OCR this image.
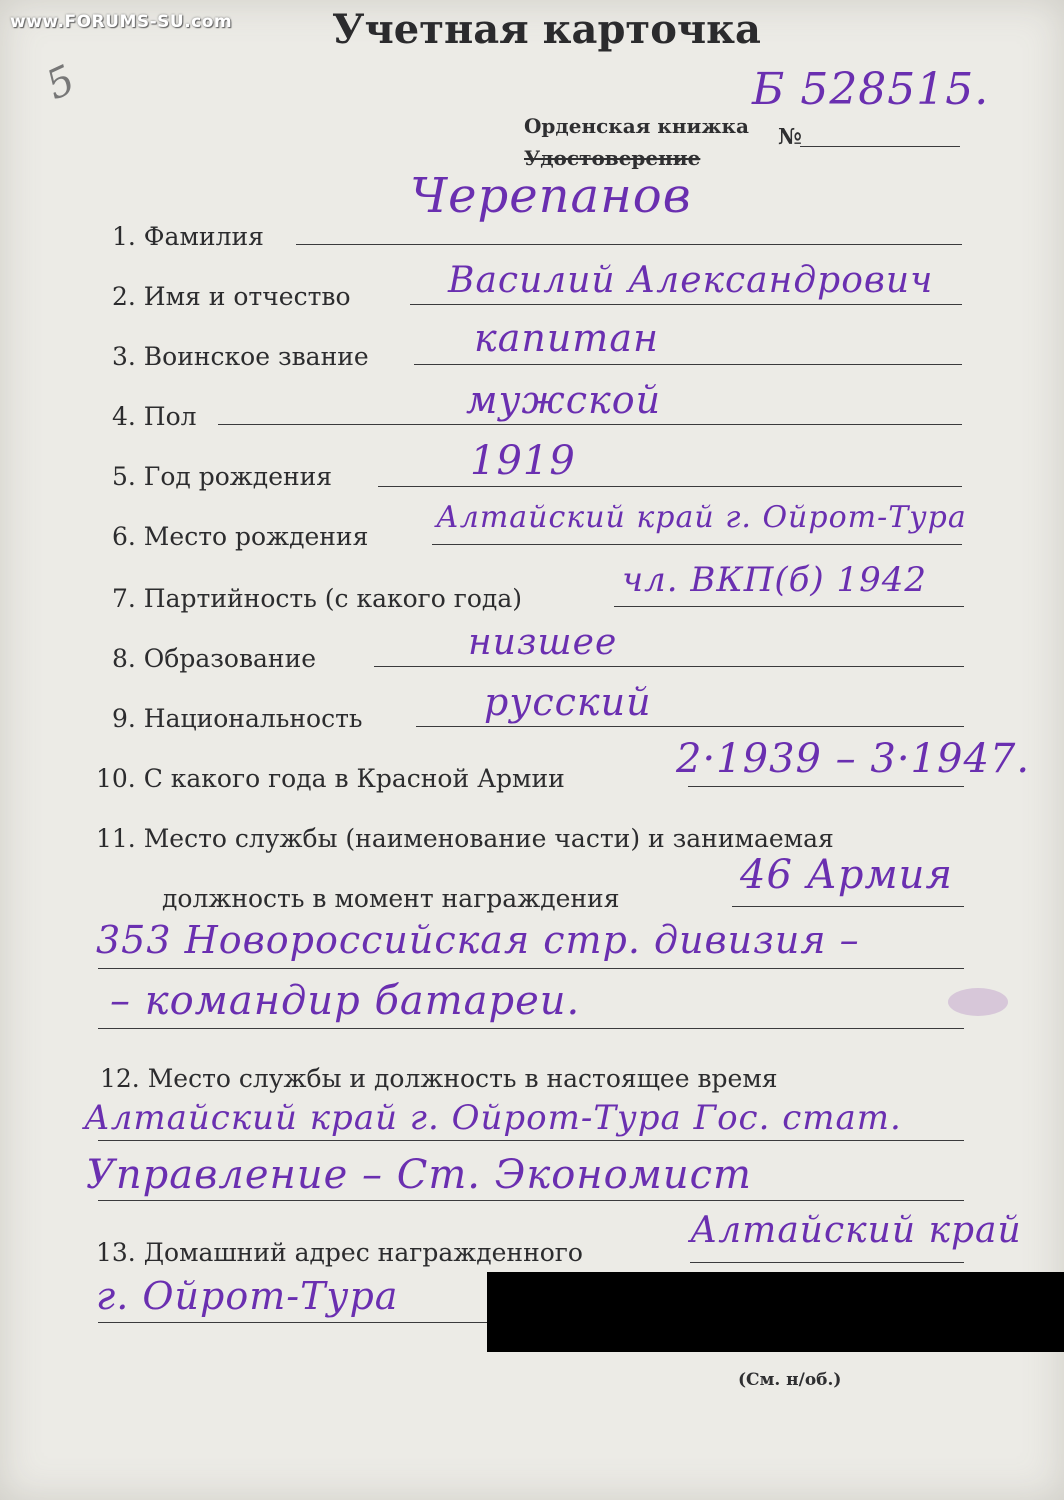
www.FORUMS-SU.com
5
Учетная карточка
Орденская книжка
Удостоверение
№
Б 528515.
1. Фамилия
Черепанов
2. Имя и отчество	Василий Александрович
3. Воинское звание	капитан
4. Пол	мужской
5. Год рождения	1919
6. Место рождения
Алтайский край г. Ойрот-Тура
7. Партийность (с какого года)	чл. ВКП(б) 1942
8. Образование	низшее
9. Национальность	русский
10. С какого года в Красной Армии	2·1939 – 3·1947.
11. Место службы (наименование части) и занимаемая
должность в момент награждения
46 Армия
353 Новороссийская стр. дивизия –
– командир батареи.
12. Место службы и должность в настоящее время
Алтайский край г. Ойрот-Тура Гос. стат.
Управление – Ст. Экономист
13. Домашний адрес награжденного
Алтайский край
г. Ойрот-Тура
(См. н/об.)
